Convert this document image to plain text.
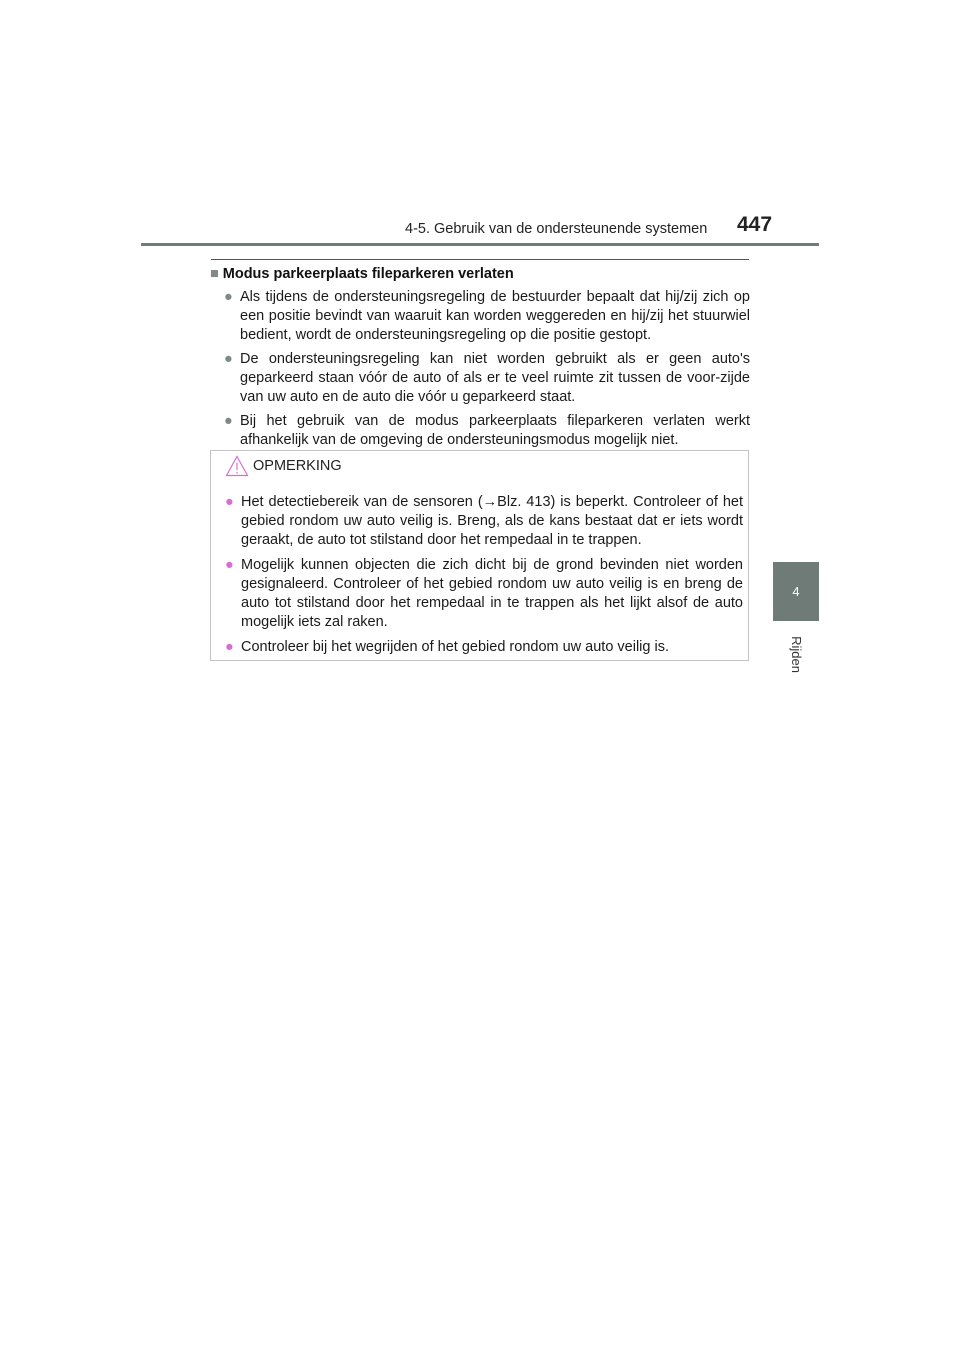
4-5. Gebruik van de ondersteunende systemen 447
4
Rijden
■ Modus parkeerplaats fileparkeren verlaten
● Als tijdens de ondersteuningsregeling de bestuurder bepaalt dat hij/zij zich op een positie bevindt van waaruit kan worden weggereden en hij/zij het stuurwiel bedient, wordt de ondersteuningsregeling op die positie gestopt.
● De ondersteuningsregeling kan niet worden gebruikt als er geen auto's geparkeerd staan vóór de auto of als er te veel ruimte zit tussen de voor-zijde van uw auto en de auto die vóór u geparkeerd staat.
● Bij het gebruik van de modus parkeerplaats fileparkeren verlaten werkt afhankelijk van de omgeving de ondersteuningsmodus mogelijk niet.
OPMERKING
● Het detectiebereik van de sensoren (→Blz. 413) is beperkt. Controleer of het gebied rondom uw auto veilig is. Breng, als de kans bestaat dat er iets wordt geraakt, de auto tot stilstand door het rempedaal in te trappen.
● Mogelijk kunnen objecten die zich dicht bij de grond bevinden niet worden gesignaleerd. Controleer of het gebied rondom uw auto veilig is en breng de auto tot stilstand door het rempedaal in te trappen als het lijkt alsof de auto mogelijk iets zal raken.
● Controleer bij het wegrijden of het gebied rondom uw auto veilig is.
